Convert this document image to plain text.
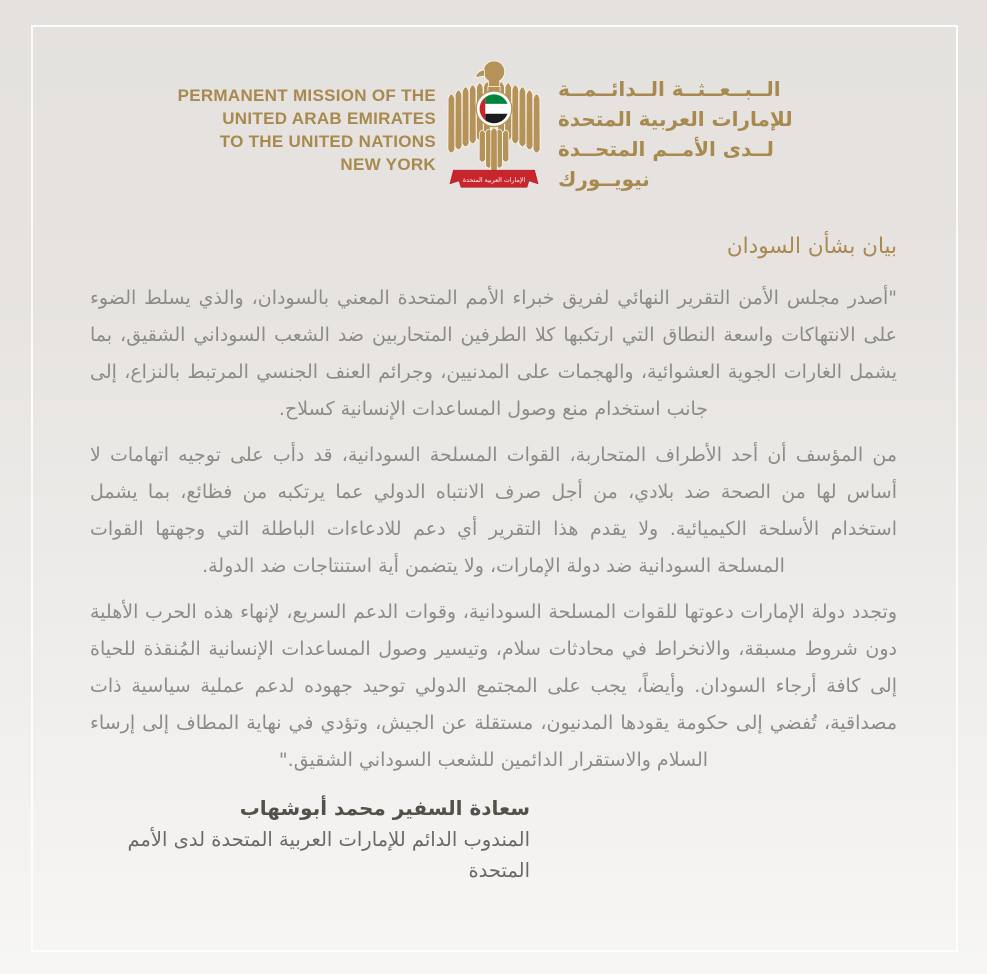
PERMANENT MISSION OF THE
UNITED ARAB EMIRATES
TO THE UNITED NATIONS
NEW YORK
الإمارات العربية المتحدة
الــبــعــثــة الــدائــمــة
للإمارات العربية المتحدة
لــدى الأمــم المتحــدة
نيويــورك
بيان بشأن السودان

"أصدر مجلس الأمن التقرير النهائي لفريق خبراء الأمم المتحدة المعني بالسودان، والذي يسلط الضوء على الانتهاكات واسعة النطاق التي ارتكبها كلا الطرفين المتحاربين ضد الشعب السوداني الشقيق، بما يشمل الغارات الجوية العشوائية، والهجمات على المدنيين، وجرائم العنف الجنسي المرتبط بالنزاع، إلى جانب استخدام منع وصول المساعدات الإنسانية كسلاح.

من المؤسف أن أحد الأطراف المتحاربة، القوات المسلحة السودانية، قد دأب على توجيه اتهامات لا أساس لها من الصحة ضد بلادي، من أجل صرف الانتباه الدولي عما يرتكبه من فظائع، بما يشمل استخدام الأسلحة الكيميائية. ولا يقدم هذا التقرير أي دعم للادعاءات الباطلة التي وجهتها القوات المسلحة السودانية ضد دولة الإمارات، ولا يتضمن أية استنتاجات ضد الدولة.

وتجدد دولة الإمارات دعوتها للقوات المسلحة السودانية، وقوات الدعم السريع، لإنهاء هذه الحرب الأهلية دون شروط مسبقة، والانخراط في محادثات سلام، وتيسير وصول المساعدات الإنسانية المُنقذة للحياة إلى كافة أرجاء السودان. وأيضاً، يجب على المجتمع الدولي توحيد جهوده لدعم عملية سياسية ذات مصداقية، تُفضي إلى حكومة يقودها المدنيون، مستقلة عن الجيش، وتؤدي في نهاية المطاف إلى إرساء السلام والاستقرار الدائمين للشعب السوداني الشقيق."

سعادة السفير محمد أبوشهاب
المندوب الدائم للإمارات العربية المتحدة لدى الأمم المتحدة
